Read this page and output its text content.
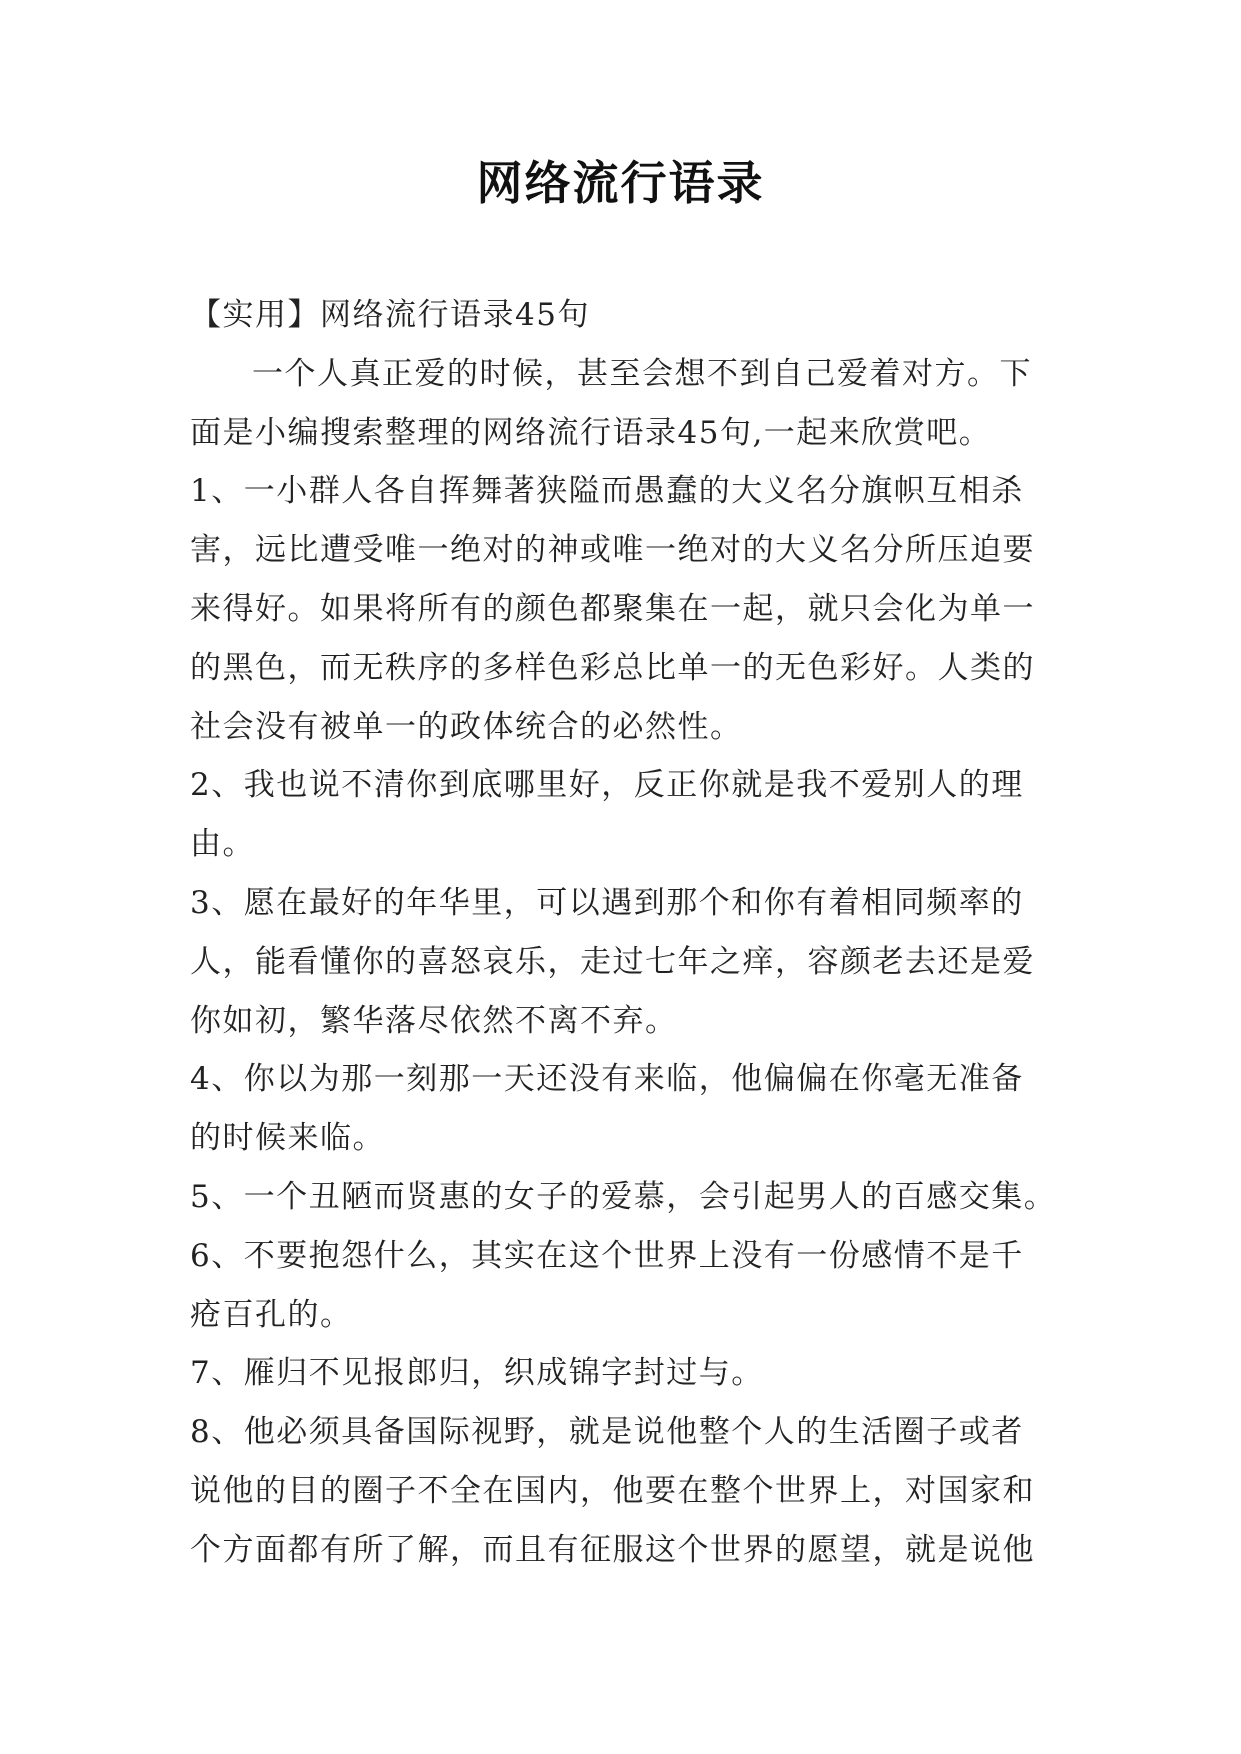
网络流行语录

【实用】网络流行语录45句

一个人真正爱的时候，甚至会想不到自己爱着对方。下

面是小编搜索整理的网络流行语录45句,一起来欣赏吧。

1、一小群人各自挥舞著狭隘而愚蠢的大义名分旗帜互相杀

害，远比遭受唯一绝对的神或唯一绝对的大义名分所压迫要

来得好。如果将所有的颜色都聚集在一起，就只会化为单一

的黑色，而无秩序的多样色彩总比单一的无色彩好。人类的

社会没有被单一的政体统合的必然性。

2、我也说不清你到底哪里好，反正你就是我不爱别人的理

由。

3、愿在最好的年华里，可以遇到那个和你有着相同频率的

人，能看懂你的喜怒哀乐，走过七年之痒，容颜老去还是爱

你如初，繁华落尽依然不离不弃。

4、你以为那一刻那一天还没有来临，他偏偏在你毫无准备

的时候来临。

5、一个丑陋而贤惠的女子的爱慕，会引起男人的百感交集。

6、不要抱怨什么，其实在这个世界上没有一份感情不是千

疮百孔的。

7、雁归不见报郎归，织成锦字封过与。

8、他必须具备国际视野，就是说他整个人的生活圈子或者

说他的目的圈子不全在国内，他要在整个世界上，对国家和

个方面都有所了解，而且有征服这个世界的愿望，就是说他
